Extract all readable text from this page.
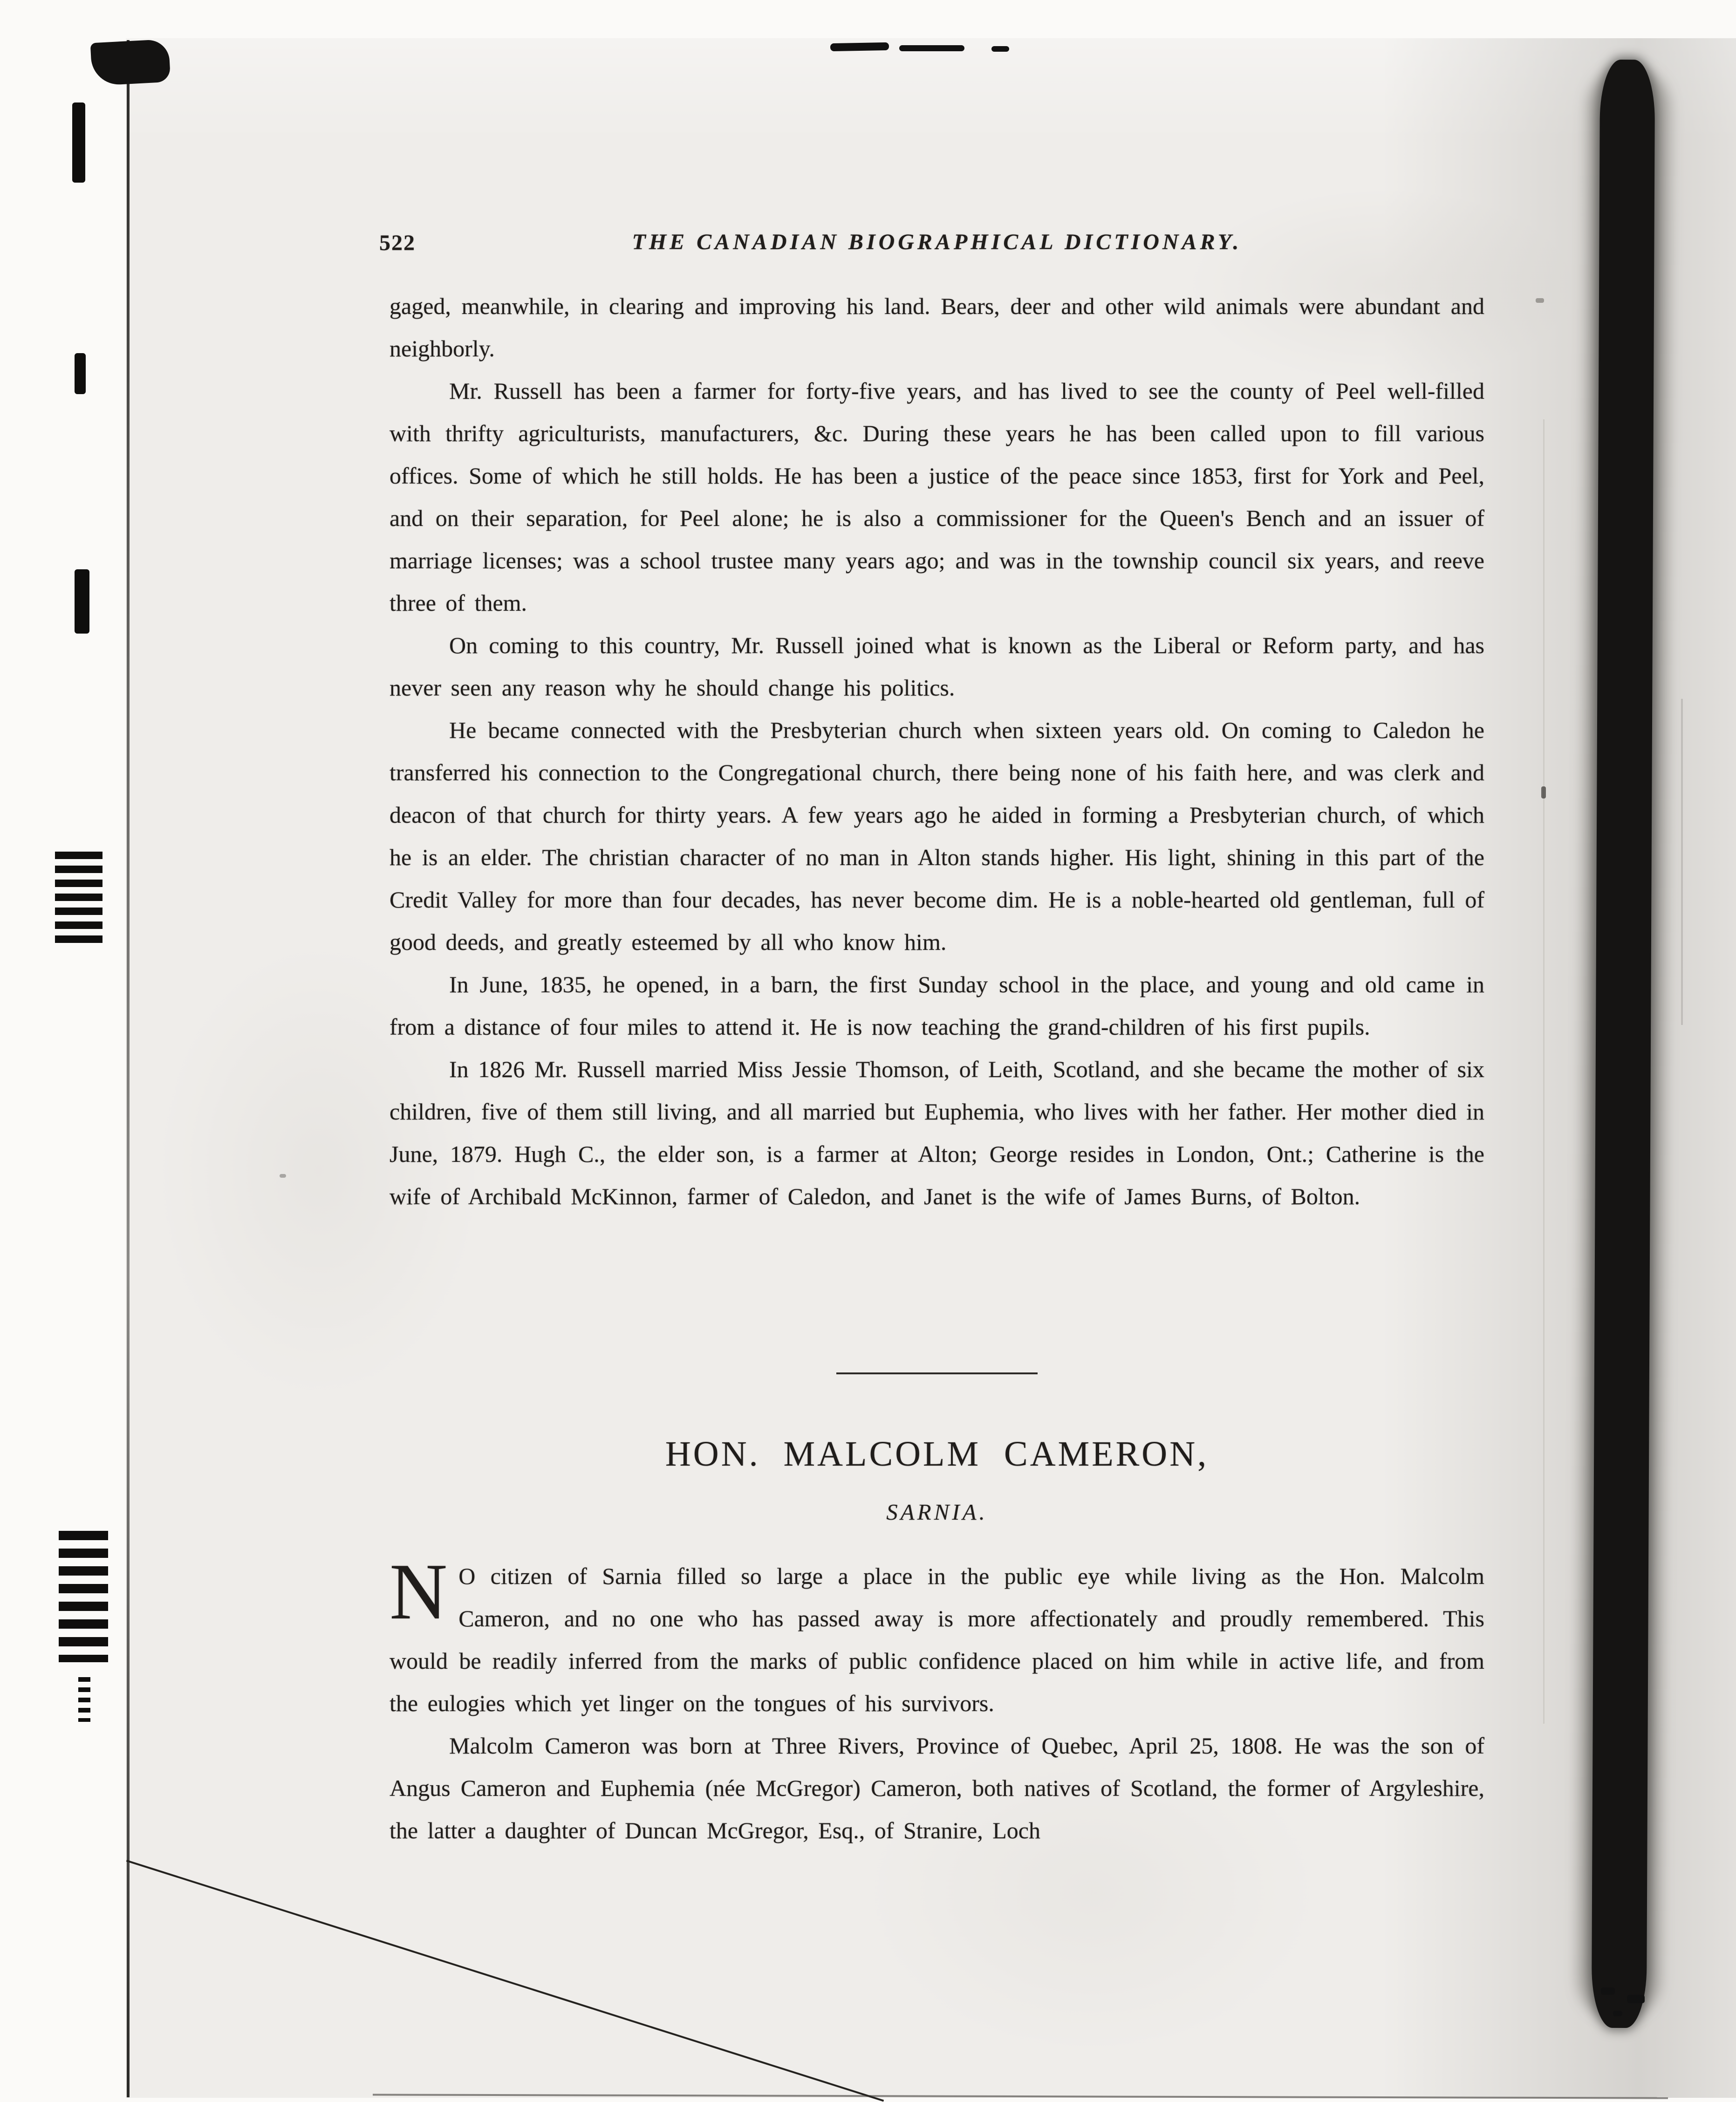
522	THE CANADIAN BIOGRAPHICAL DICTIONARY.

gaged, meanwhile, in clearing and improving his land. Bears, deer and other wild animals were abundant and neighborly.

Mr. Russell has been a farmer for forty-five years, and has lived to see the county of Peel well-filled with thrifty agriculturists, manufacturers, &c. During these years he has been called upon to fill various offices. Some of which he still holds. He has been a justice of the peace since 1853, first for York and Peel, and on their separation, for Peel alone; he is also a commissioner for the Queen's Bench and an issuer of marriage licenses; was a school trustee many years ago; and was in the township council six years, and reeve three of them.

On coming to this country, Mr. Russell joined what is known as the Liberal or Reform party, and has never seen any reason why he should change his politics.

He became connected with the Presbyterian church when sixteen years old. On coming to Caledon he transferred his connection to the Congregational church, there being none of his faith here, and was clerk and deacon of that church for thirty years. A few years ago he aided in forming a Presbyterian church, of which he is an elder. The christian character of no man in Alton stands higher. His light, shining in this part of the Credit Valley for more than four decades, has never become dim. He is a noble-hearted old gentleman, full of good deeds, and greatly esteemed by all who know him.

In June, 1835, he opened, in a barn, the first Sunday school in the place, and young and old came in from a distance of four miles to attend it. He is now teaching the grand-children of his first pupils.

In 1826 Mr. Russell married Miss Jessie Thomson, of Leith, Scotland, and she became the mother of six children, five of them still living, and all married but Euphemia, who lives with her father. Her mother died in June, 1879. Hugh C., the elder son, is a farmer at Alton; George resides in London, Ont.; Catherine is the wife of Archibald McKinnon, farmer of Caledon, and Janet is the wife of James Burns, of Bolton.

HON. MALCOLM CAMERON,
SARNIA.

N O citizen of Sarnia filled so large a place in the public eye while living as the Hon. Malcolm Cameron, and no one who has passed away is more affectionately and proudly remembered. This would be readily inferred from the marks of public confidence placed on him while in active life, and from the eulogies which yet linger on the tongues of his survivors.

Malcolm Cameron was born at Three Rivers, Province of Quebec, April 25, 1808. He was the son of Angus Cameron and Euphemia (née McGregor) Cameron, both natives of Scotland, the former of Argyleshire, the latter a daughter of Duncan McGregor, Esq., of Stranire, Loch
